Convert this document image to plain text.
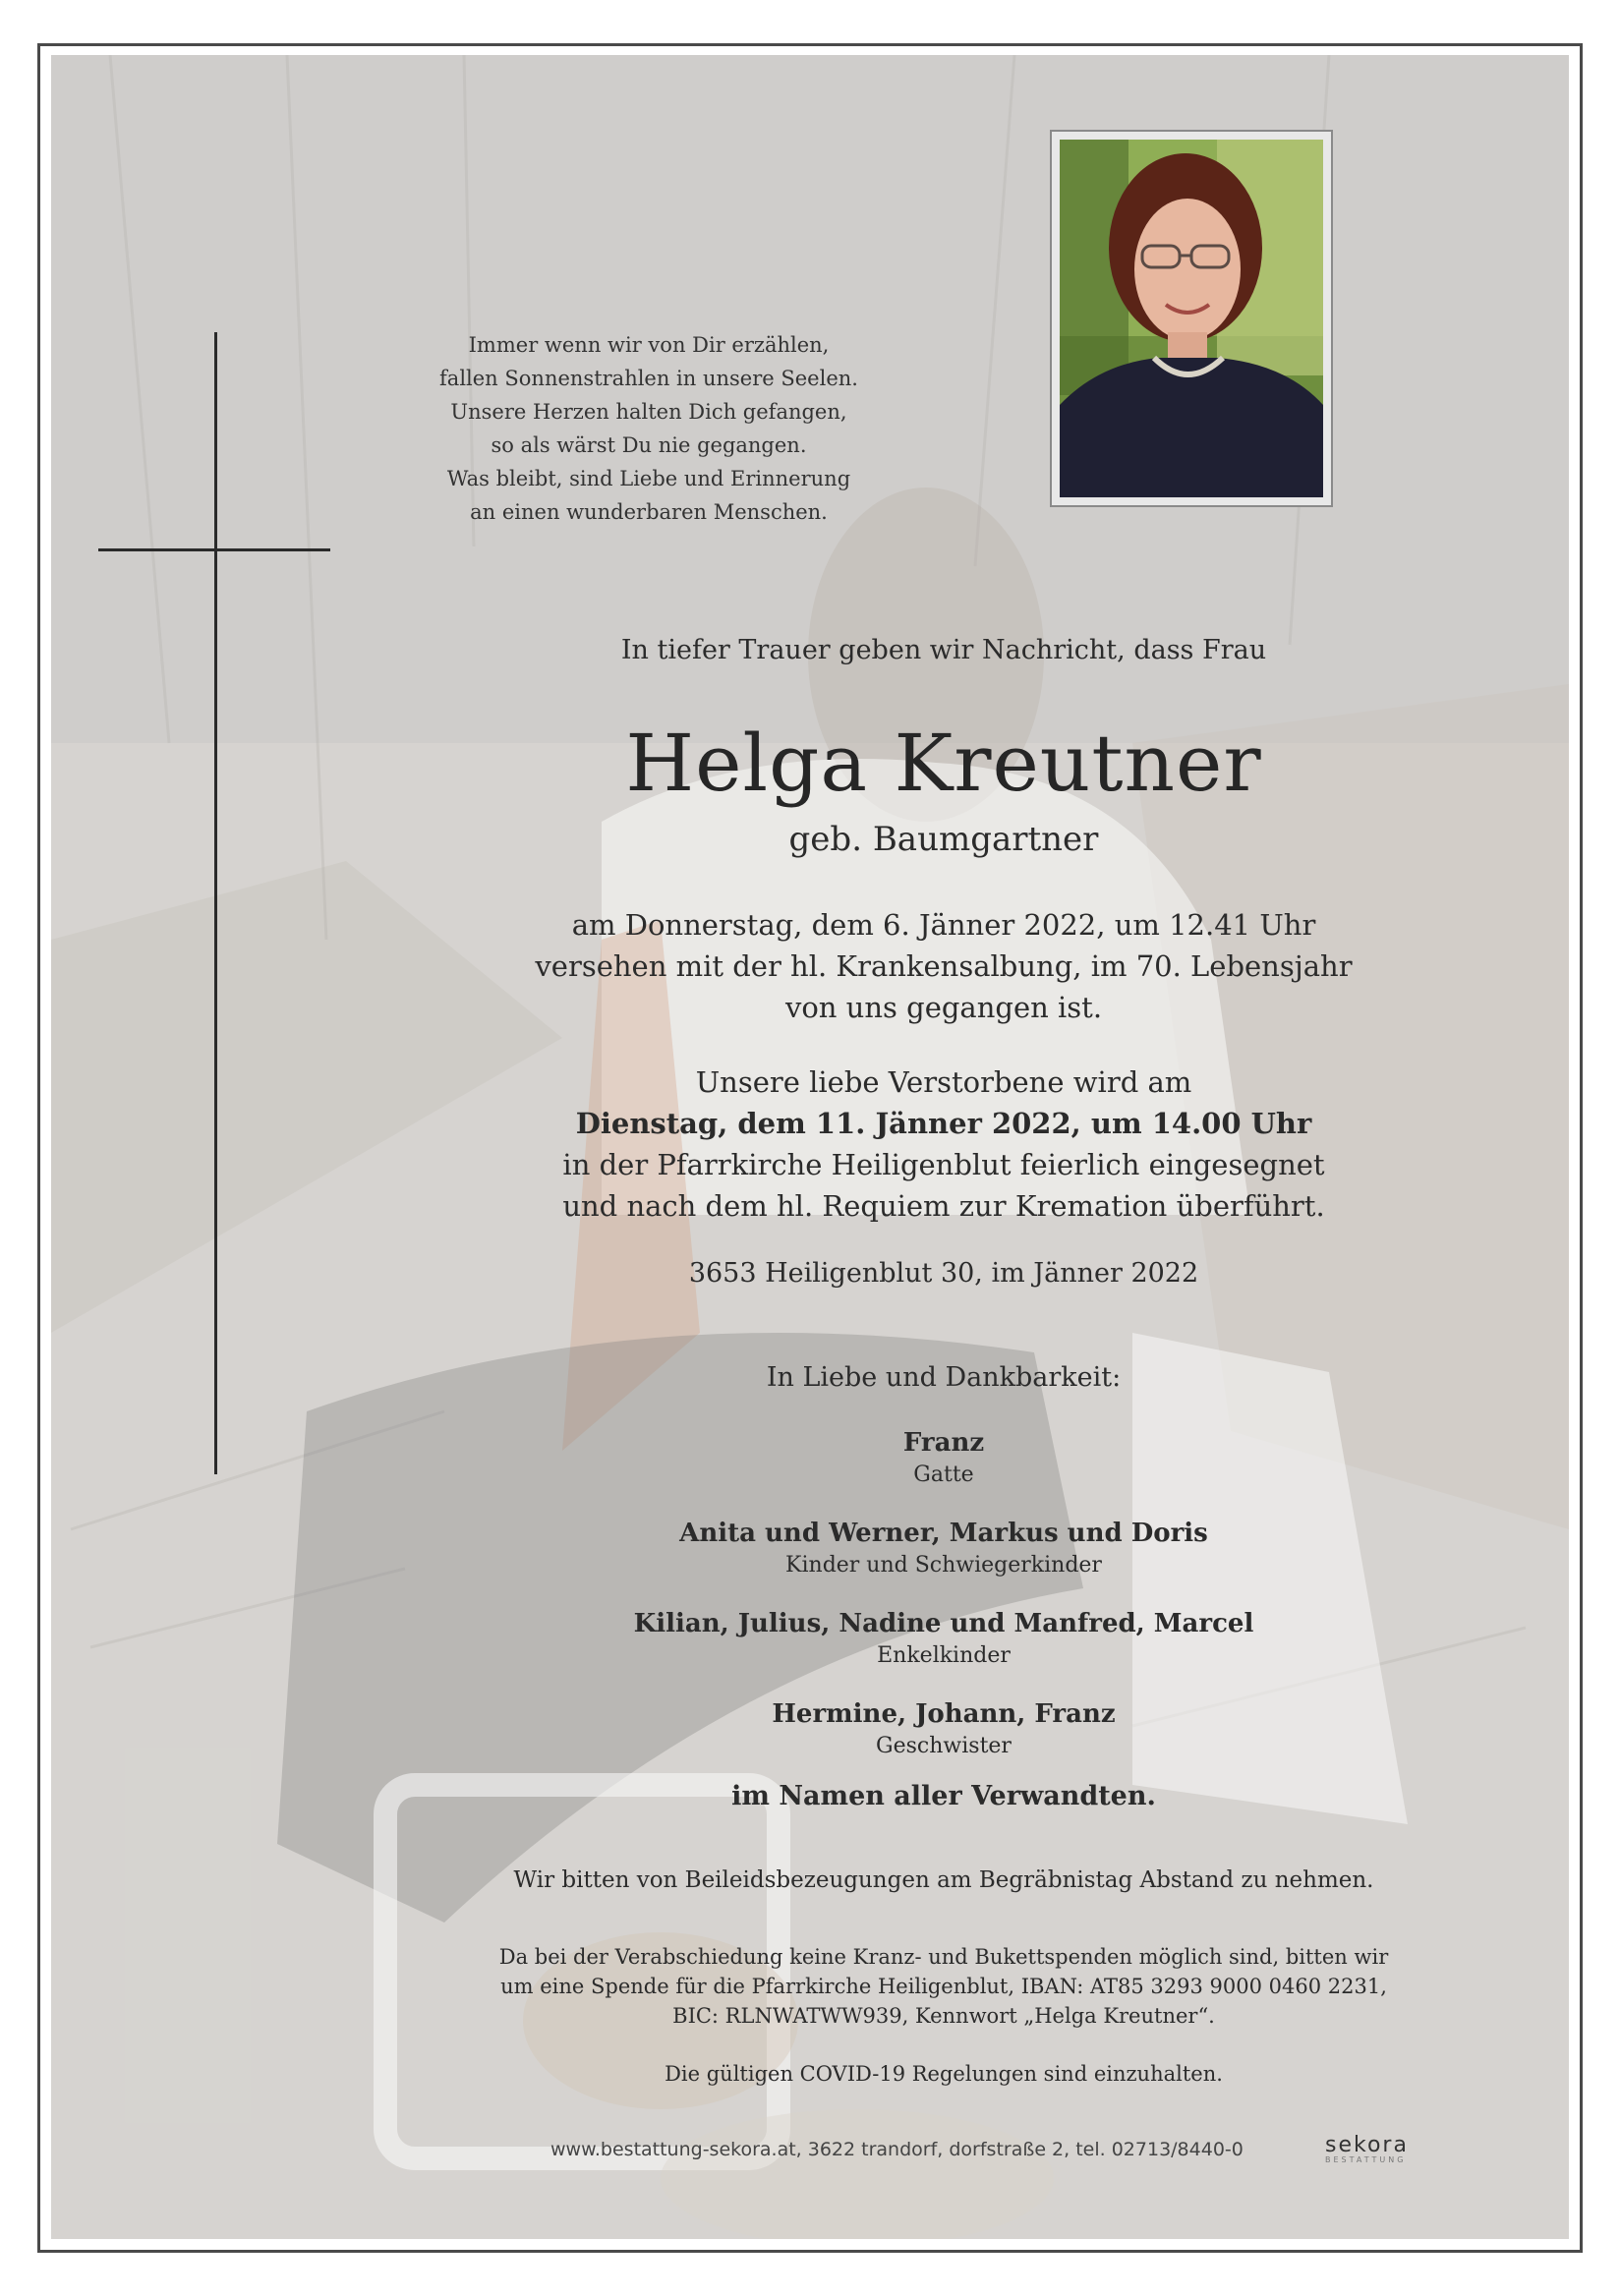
Immer wenn wir von Dir erzählen,
fallen Sonnenstrahlen in unsere Seelen.
Unsere Herzen halten Dich gefangen,
so als wärst Du nie gegangen.
Was bleibt, sind Liebe und Erinnerung
an einen wunderbaren Menschen.
In tiefer Trauer geben wir Nachricht, dass Frau
Helga Kreutner
geb. Baumgartner
am Donnerstag, dem 6. Jänner 2022, um 12.41 Uhr
versehen mit der hl. Krankensalbung, im 70. Lebensjahr
von uns gegangen ist.
Unsere liebe Verstorbene wird am
Dienstag, dem 11. Jänner 2022, um 14.00 Uhr
in der Pfarrkirche Heiligenblut feierlich eingesegnet
und nach dem hl. Requiem zur Kremation überführt.
3653 Heiligenblut 30, im Jänner 2022
In Liebe und Dankbarkeit:
Franz
Gatte
Anita und Werner, Markus und Doris
Kinder und Schwiegerkinder
Kilian, Julius, Nadine und Manfred, Marcel
Enkelkinder
Hermine, Johann, Franz
Geschwister
im Namen aller Verwandten.
Wir bitten von Beileidsbezeugungen am Begräbnistag Abstand zu nehmen.
Da bei der Verabschiedung keine Kranz- und Bukettspenden möglich sind, bitten wir
um eine Spende für die Pfarrkirche Heiligenblut, IBAN: AT85 3293 9000 0460 2231,
BIC: RLNWATWW939, Kennwort „Helga Kreutner“.
Die gültigen COVID-19 Regelungen sind einzuhalten.
www.bestattung-sekora.at, 3622 trandorf, dorfstraße 2, tel. 02713/8440-0	sekora
BESTATTUNG
